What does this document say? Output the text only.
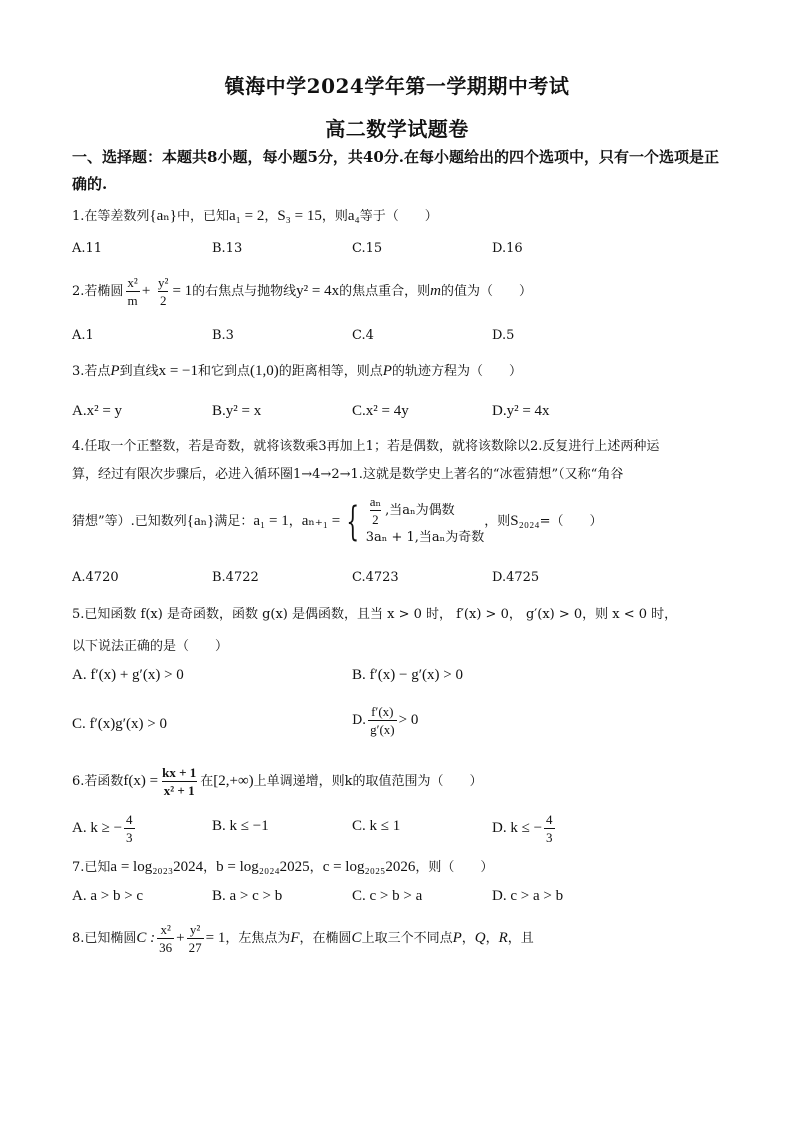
镇海中学2024学年第一学期期中考试
高二数学试题卷
一、选择题：本题共8小题，每小题5分，共40分.在每小题给出的四个选项中，只有一个选项是正确的.
1.在等差数列{aₙ}中，已知a₁ = 2，S₃ = 15，则a₄等于（　　）
A.11	B.13	C.15	D.16
2.若椭圆 $\frac{\text{x²}}{m} + \frac{\text{y²}}{2} = 1$的右焦点与抛物线y² = 4x的焦点重合，则m的值为（　　）
A.1	B.3	C.4	D.5
3.若点P到直线x = −1和它到点(1,0)的距离相等，则点P的轨迹方程为（　　）
A.x² = y	B.y² = x	C.x² = 4y	D.y² = 4x
4.任取一个正整数，若是奇数，就将该数乘3再加上1；若是偶数，就将该数除以2.反复进行上述两种运
算，经过有限次步骤后，必进入循环圈1→4→2→1.这就是数学史上著名的“冰雹猜想”（又称“角谷
猜想”等）.已知数列{aₙ}满足：a₁ = 1，aₙ₊₁ = { $\frac{\text{aₙ}}{2}$ ,当aₙ为偶数
3aₙ + 1,当aₙ为奇数
，则S₂₀₂₄=（　　）
A.4720	B.4722	C.4723	D.4725
5.已知函数 f(x) 是奇函数，函数 g(x) 是偶函数，且当 x > 0 时， f′(x) > 0， g′(x) > 0，则 x < 0 时，
以下说法正确的是（　　）
A. f′(x) + g′(x) > 0	B. f′(x) − g′(x) > 0
C. f′(x)g′(x) > 0	D. $\frac{f'(x)}{g'(x)} > 0$
6.若函数$f(x) = \frac{kx + 1}{\text{x² + 1}}$ 在[2,+∞)上单调递增，则k的取值范围为（　　）
A. k ≥ − $\frac{4}{3}$	B. k ≤ −1	C. k ≤ 1	D. k ≤ − $\frac{4}{3}$
7.已知a = log₂₀₂₃2024，b = log₂₀₂₄2025，c = log₂₀₂₅2026，则（　　）
A. a > b > c	B. a > c > b	C. c > b > a	D. c > a > b
8.已知椭圆C : $\frac{\text{x²}}{36} + \frac{\text{y²}}{27} = 1$，左焦点为F，在椭圆C上取三个不同点P，Q，R，且
